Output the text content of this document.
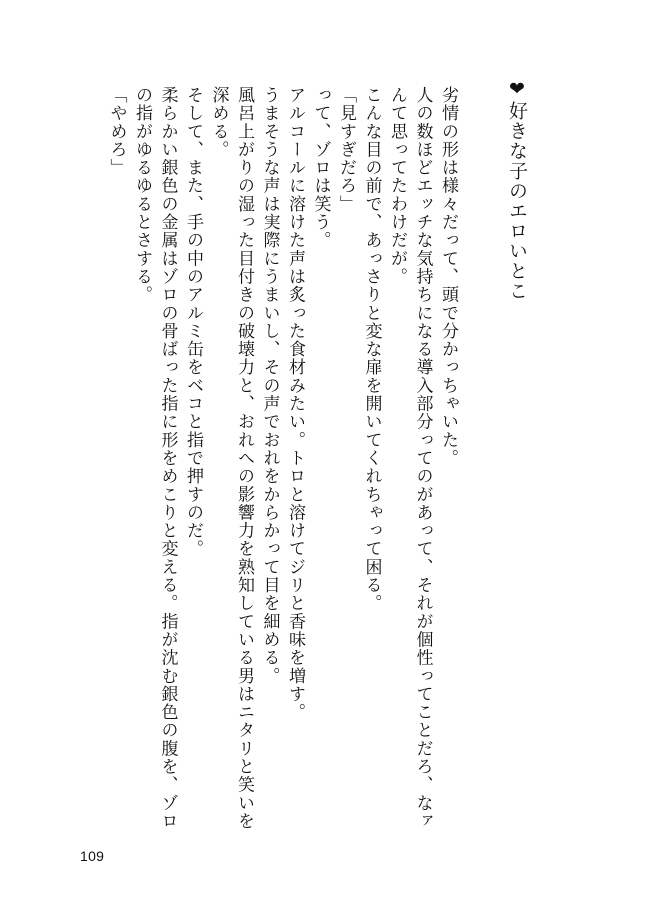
❤好きな子のエロいとこ

劣情の形は様々だって、頭で分かっちゃいた。

人の数ほどエッチな気持ちになる導入部分ってのがあって、それが個性ってことだろ、なァんて思ってたわけだが。

こんな目の前で、あっさりと変な扉を開いてくれちゃって困る。

「見すぎだろ」

って、ゾロは笑う。

アルコールに溶けた声は炙った食材みたい。トロと溶けてジリと香味を増す。

うまそうな声は実際にうまいし、その声でおれをからかって目を細める。

風呂上がりの湿った目付きの破壊力と、おれへの影響力を熟知している男はニタリと笑いを深める。

そして、また、手の中のアルミ缶をベコと指で押すのだ。

柔らかい銀色の金属はゾロの骨ばった指に形をめこりと変える。指が沈む銀色の腹を、ゾロの指がゆるゆるとさする。

「やめろ」

109
